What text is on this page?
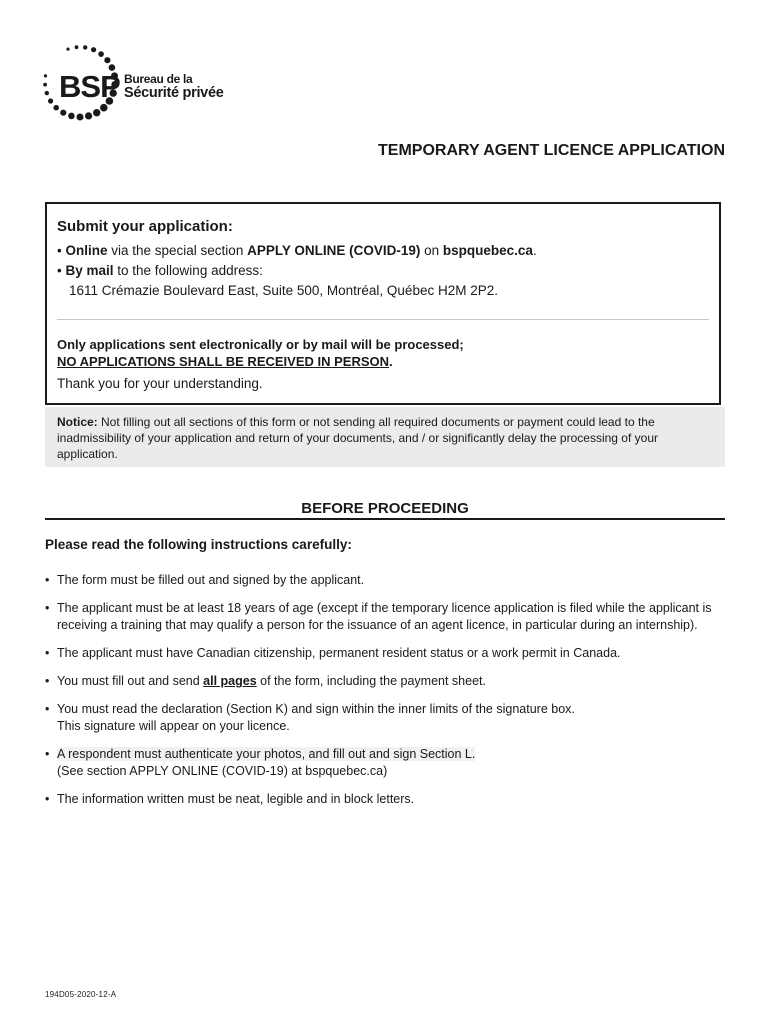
BSP Bureau de la
Sécurité privée
TEMPORARY AGENT LICENCE APPLICATION
Submit your application:
• Online via the special section APPLY ONLINE (COVID-19) on bspquebec.ca.
• By mail to the following address:
1611 Crémazie Boulevard East, Suite 500, Montréal, Québec H2M 2P2.
Only applications sent electronically or by mail will be processed;
NO APPLICATIONS SHALL BE RECEIVED IN PERSON.
Thank you for your understanding.
Notice: Not filling out all sections of this form or not sending all required documents or payment could lead to the inadmissibility of your application and return of your documents, and / or significantly delay the processing of your application.
BEFORE PROCEEDING
Please read the following instructions carefully:
• The form must be filled out and signed by the applicant.
• The applicant must be at least 18 years of age (except if the temporary licence application is filed while the applicant is receiving a training that may qualify a person for the issuance of an agent licence, in particular during an internship).
• The applicant must have Canadian citizenship, permanent resident status or a work permit in Canada.
• You must fill out and send all pages of the form, including the payment sheet.
• You must read the declaration (Section K) and sign within the inner limits of the signature box.
This signature will appear on your licence.
• A respondent must authenticate your photos, and fill out and sign Section L.
(See section APPLY ONLINE (COVID-19) at bspquebec.ca)
• The information written must be neat, legible and in block letters.
194D05-2020-12-A
